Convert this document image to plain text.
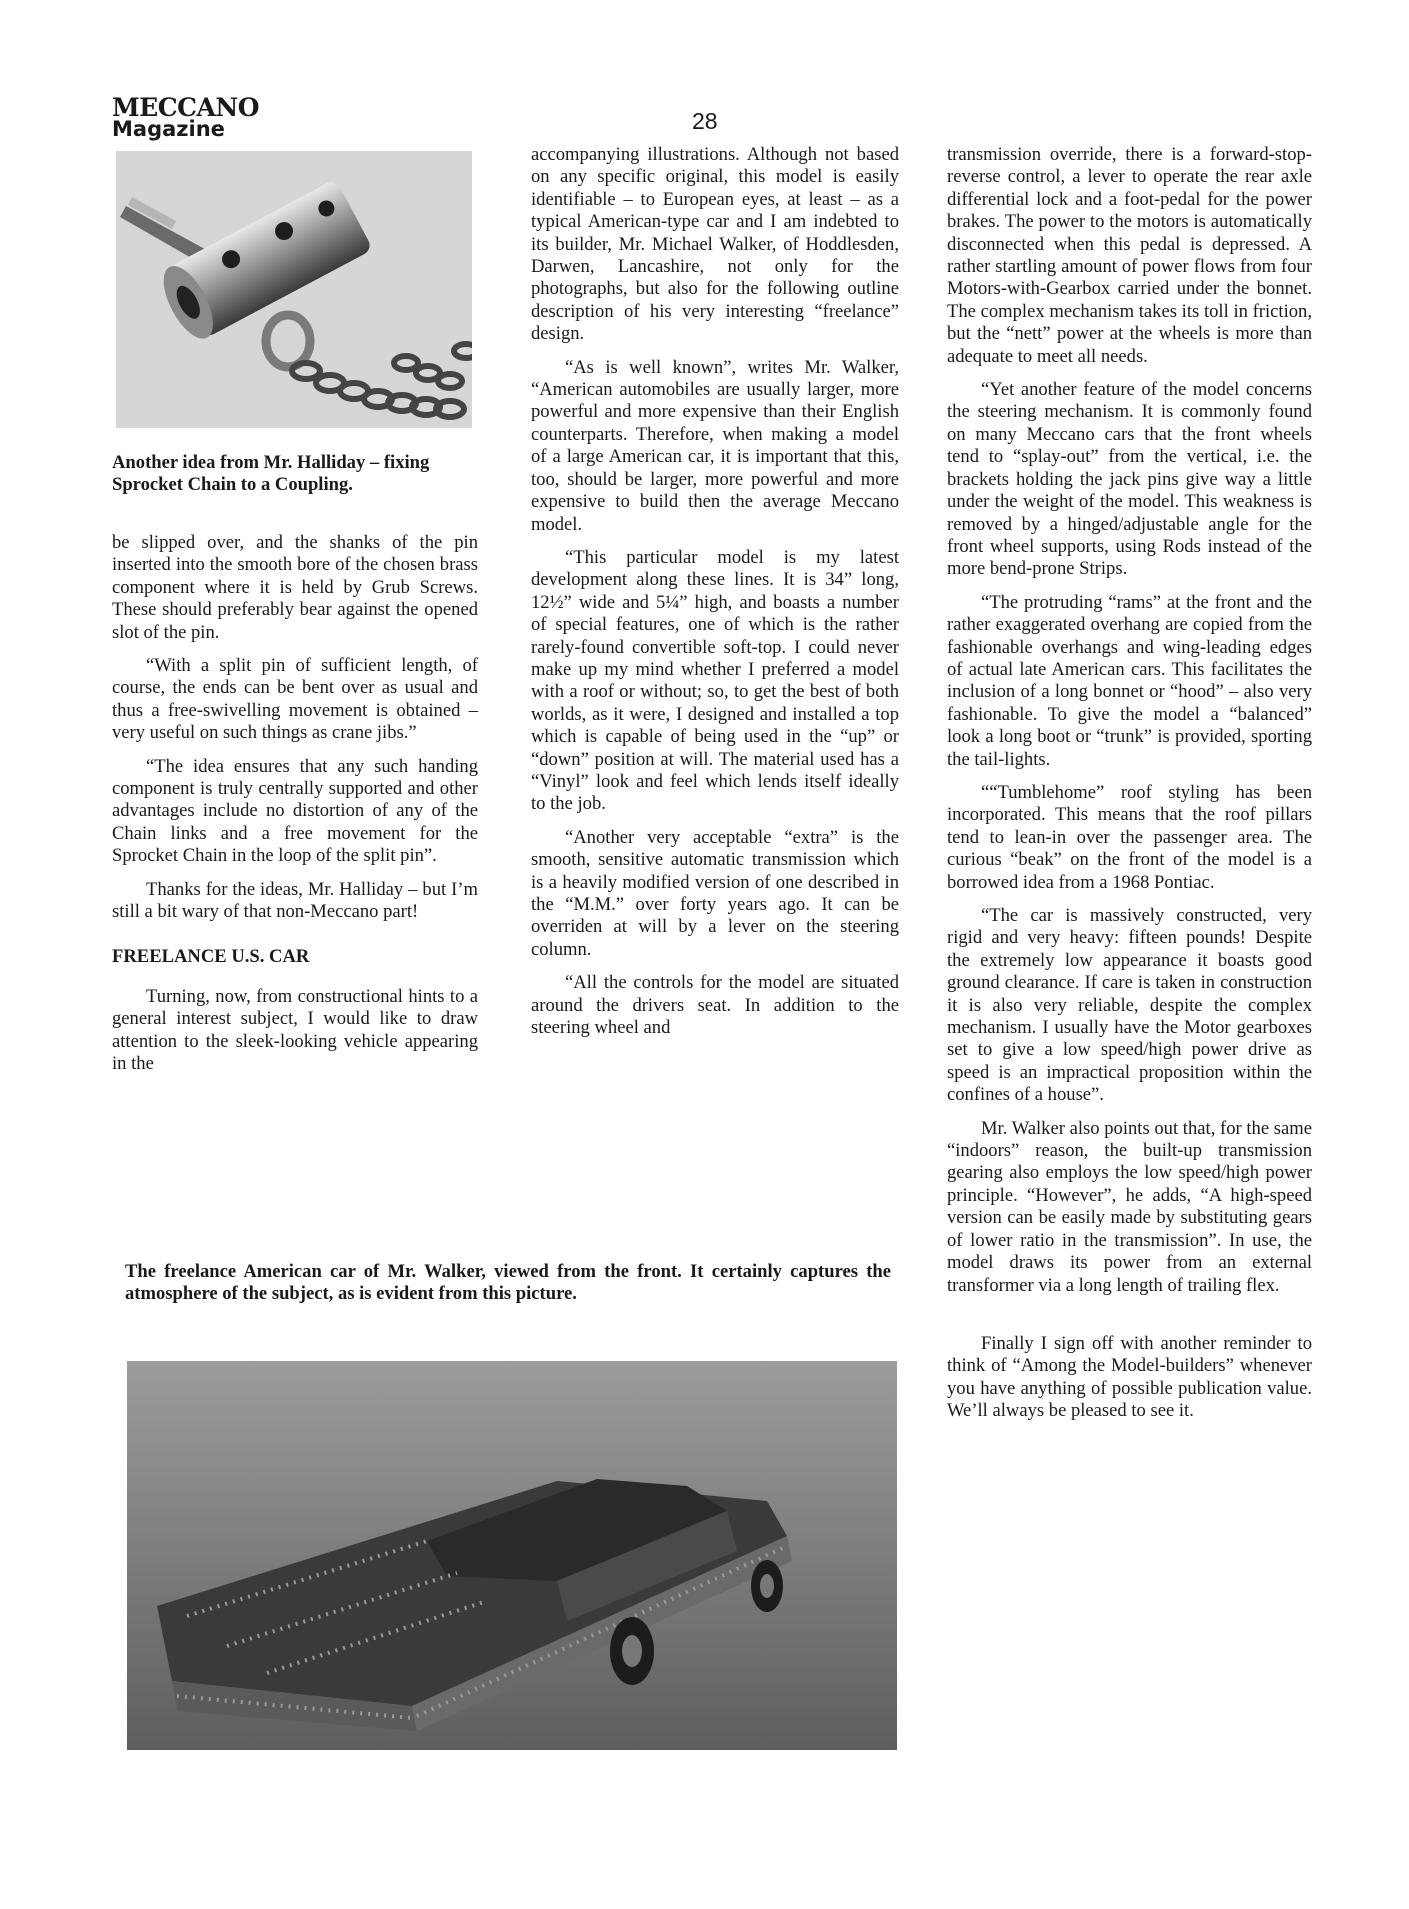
MECCANO
Magazine	28
Another idea from Mr. Halliday – fixing Sprocket Chain to a Coupling.

be slipped over, and the shanks of the pin inserted into the smooth bore of the chosen brass component where it is held by Grub Screws. These should preferably bear against the opened slot of the pin.

“With a split pin of sufficient length, of course, the ends can be bent over as usual and thus a free-swivelling movement is obtained – very useful on such things as crane jibs.”

“The idea ensures that any such handing component is truly centrally supported and other advantages include no distortion of any of the Chain links and a free movement for the Sprocket Chain in the loop of the split pin”.

Thanks for the ideas, Mr. Halliday – but I’m still a bit wary of that non-Meccano part!

FREELANCE U.S. CAR

Turning, now, from constructional hints to a general interest subject, I would like to draw attention to the sleek-looking vehicle appearing in the

accompanying illustrations. Although not based on any specific original, this model is easily identifiable – to European eyes, at least – as a typical American-type car and I am indebted to its builder, Mr. Michael Walker, of Hoddlesden, Darwen, Lancashire, not only for the photographs, but also for the following outline description of his very interesting “freelance” design.

“As is well known”, writes Mr. Walker, “American automobiles are usually larger, more powerful and more expensive than their English counterparts. Therefore, when making a model of a large American car, it is important that this, too, should be larger, more powerful and more expensive to build then the average Meccano model.

“This particular model is my latest development along these lines. It is 34” long, 12½” wide and 5¼” high, and boasts a number of special features, one of which is the rather rarely-found convertible soft-top. I could never make up my mind whether I preferred a model with a roof or without; so, to get the best of both worlds, as it were, I designed and installed a top which is capable of being used in the “up” or “down” position at will. The material used has a “Vinyl” look and feel which lends itself ideally to the job.

“Another very acceptable “extra” is the smooth, sensitive automatic transmission which is a heavily modified version of one described in the “M.M.” over forty years ago. It can be overriden at will by a lever on the steering column.

“All the controls for the model are situated around the drivers seat. In addition to the steering wheel and

transmission override, there is a forward-stop-reverse control, a lever to operate the rear axle differential lock and a foot-pedal for the power brakes. The power to the motors is automatically disconnected when this pedal is depressed. A rather startling amount of power flows from four Motors-with-Gearbox carried under the bonnet. The complex mechanism takes its toll in friction, but the “nett” power at the wheels is more than adequate to meet all needs.

“Yet another feature of the model concerns the steering mechanism. It is commonly found on many Meccano cars that the front wheels tend to “splay-out” from the vertical, i.e. the brackets holding the jack pins give way a little under the weight of the model. This weakness is removed by a hinged/adjustable angle for the front wheel supports, using Rods instead of the more bend-prone Strips.

“The protruding “rams” at the front and the rather exaggerated overhang are copied from the fashionable overhangs and wing-leading edges of actual late American cars. This facilitates the inclusion of a long bonnet or “hood” – also very fashionable. To give the model a “balanced” look a long boot or “trunk” is provided, sporting the tail-lights.

““Tumblehome” roof styling has been incorporated. This means that the roof pillars tend to lean-in over the passenger area. The curious “beak” on the front of the model is a borrowed idea from a 1968 Pontiac.

“The car is massively constructed, very rigid and very heavy: fifteen pounds! Despite the extremely low appearance it boasts good ground clearance. If care is taken in construction it is also very reliable, despite the complex mechanism. I usually have the Motor gearboxes set to give a low speed/high power drive as speed is an impractical proposition within the confines of a house”.

Mr. Walker also points out that, for the same “indoors” reason, the built-up transmission gearing also employs the low speed/high power principle. “However”, he adds, “A high-speed version can be easily made by substituting gears of lower ratio in the transmission”. In use, the model draws its power from an external transformer via a long length of trailing flex.

Finally I sign off with another reminder to think of “Among the Model-builders” whenever you have anything of possible publication value. We’ll always be pleased to see it.

The freelance American car of Mr. Walker, viewed from the front. It certainly captures the atmosphere of the subject, as is evident from this picture.
